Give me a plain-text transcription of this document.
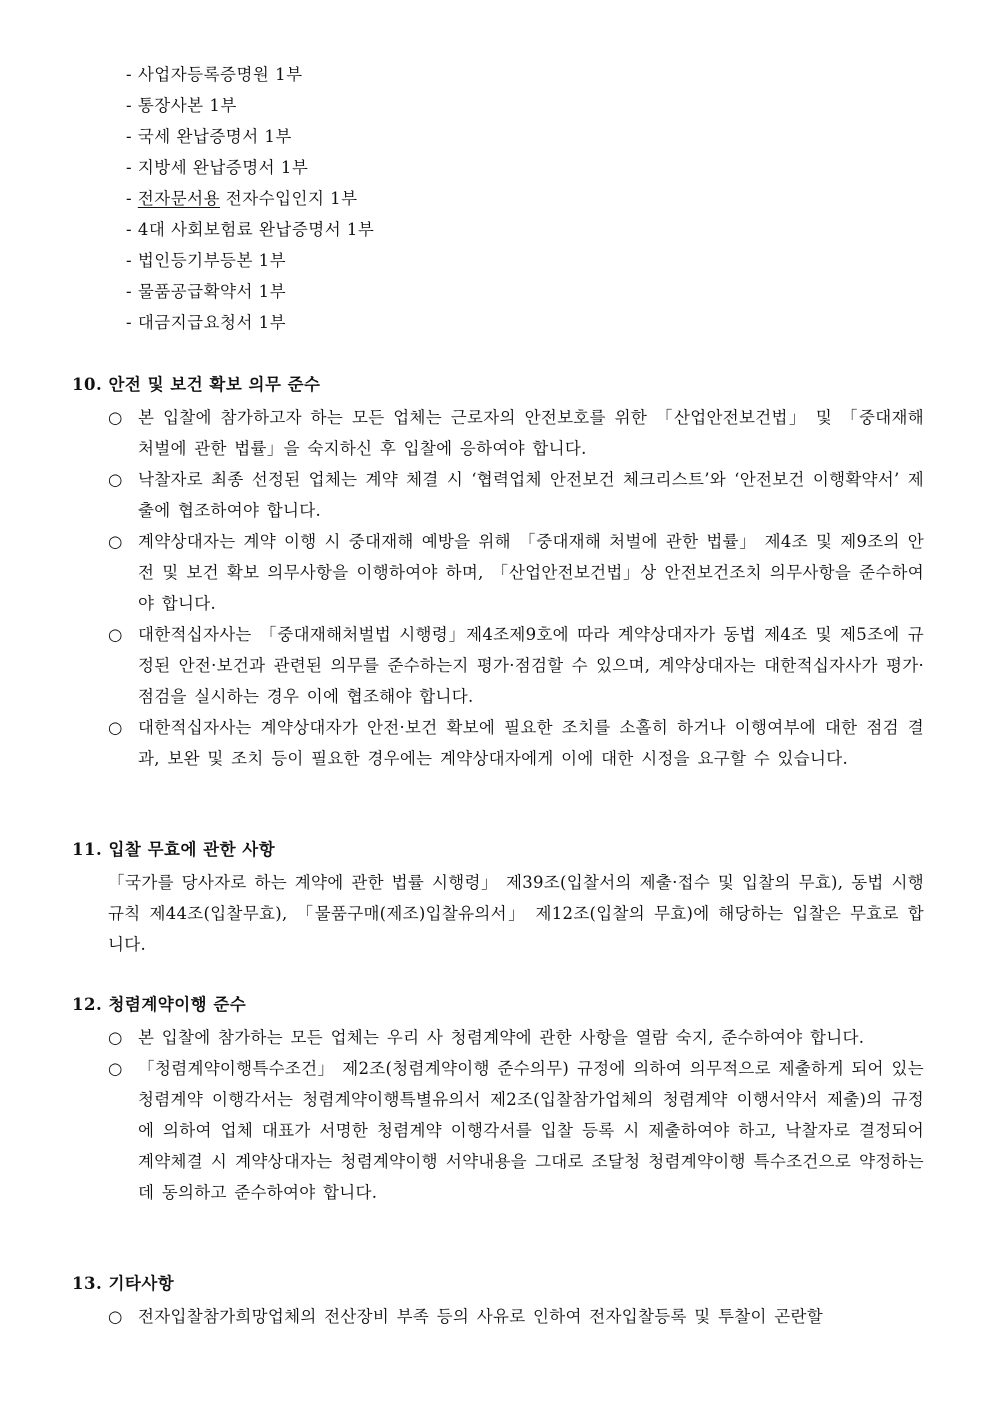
- 사업자등록증명원 1부
- 통장사본 1부
- 국세 완납증명서 1부
- 지방세 완납증명서 1부
- 전자문서용 전자수입인지 1부
- 4대 사회보험료 완납증명서 1부
- 법인등기부등본 1부
- 물품공급확약서 1부
- 대금지급요청서 1부
10. 안전 및 보건 확보 의무 준수
○ 본 입찰에 참가하고자 하는 모든 업체는 근로자의 안전보호를 위한 「산업안전보건법」 및 「중대재해 처벌에 관한 법률」을 숙지하신 후 입찰에 응하여야 합니다.
○ 낙찰자로 최종 선정된 업체는 계약 체결 시 ‘협력업체 안전보건 체크리스트’와 ‘안전보건 이행확약서’ 제출에 협조하여야 합니다.
○ 계약상대자는 계약 이행 시 중대재해 예방을 위해 「중대재해 처벌에 관한 법률」 제4조 및 제9조의 안전 및 보건 확보 의무사항을 이행하여야 하며, 「산업안전보건법」상 안전보건조치 의무사항을 준수하여야 합니다.
○ 대한적십자사는 「중대재해처벌법 시행령」제4조제9호에 따라 계약상대자가 동법 제4조 및 제5조에 규정된 안전·보건과 관련된 의무를 준수하는지 평가·점검할 수 있으며, 계약상대자는 대한적십자사가 평가·점검을 실시하는 경우 이에 협조해야 합니다.
○ 대한적십자사는 계약상대자가 안전·보건 확보에 필요한 조치를 소홀히 하거나 이행여부에 대한 점검 결과, 보완 및 조치 등이 필요한 경우에는 계약상대자에게 이에 대한 시정을 요구할 수 있습니다.
11. 입찰 무효에 관한 사항
「국가를 당사자로 하는 계약에 관한 법률 시행령」 제39조(입찰서의 제출·접수 및 입찰의 무효), 동법 시행규칙 제44조(입찰무효), 「물품구매(제조)입찰유의서」 제12조(입찰의 무효)에 해당하는 입찰은 무효로 합니다.
12. 청렴계약이행 준수
○ 본 입찰에 참가하는 모든 업체는 우리 사 청렴계약에 관한 사항을 열람 숙지, 준수하여야 합니다.
○ 「청렴계약이행특수조건」 제2조(청렴계약이행 준수의무) 규정에 의하여 의무적으로 제출하게 되어 있는 청렴계약 이행각서는 청렴계약이행특별유의서 제2조(입찰참가업체의 청렴계약 이행서약서 제출)의 규정에 의하여 업체 대표가 서명한 청렴계약 이행각서를 입찰 등록 시 제출하여야 하고, 낙찰자로 결정되어 계약체결 시 계약상대자는 청렴계약이행 서약내용을 그대로 조달청 청렴계약이행 특수조건으로 약정하는데 동의하고 준수하여야 합니다.
13. 기타사항
○ 전자입찰참가희망업체의 전산장비 부족 등의 사유로 인하여 전자입찰등록 및 투찰이 곤란할
